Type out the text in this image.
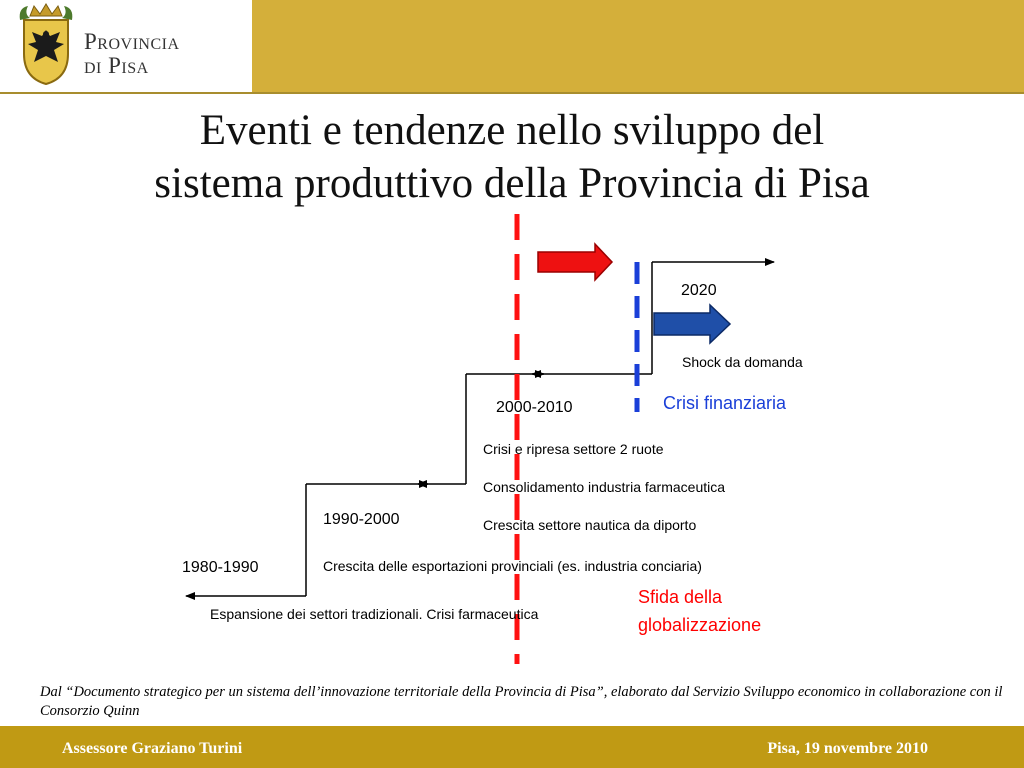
Provincia
di Pisa
Eventi e tendenze nello sviluppo del
sistema produttivo della Provincia di Pisa
1980-1990
Espansione dei settori tradizionali. Crisi farmaceutica
1990-2000
Crescita delle esportazioni provinciali (es. industria conciaria)
2000-2010
Crisi e ripresa settore 2 ruote
Consolidamento industria farmaceutica
Crescita settore nautica da diporto
2020
Shock da domanda
Crisi finanziaria
Sfida della
globalizzazione
Dal “Documento strategico per un sistema dell’innovazione territoriale della Provincia di Pisa”, elaborato dal Servizio Sviluppo economico in collaborazione con il Consorzio Quinn
Assessore Graziano Turini	Pisa, 19 novembre 2010
